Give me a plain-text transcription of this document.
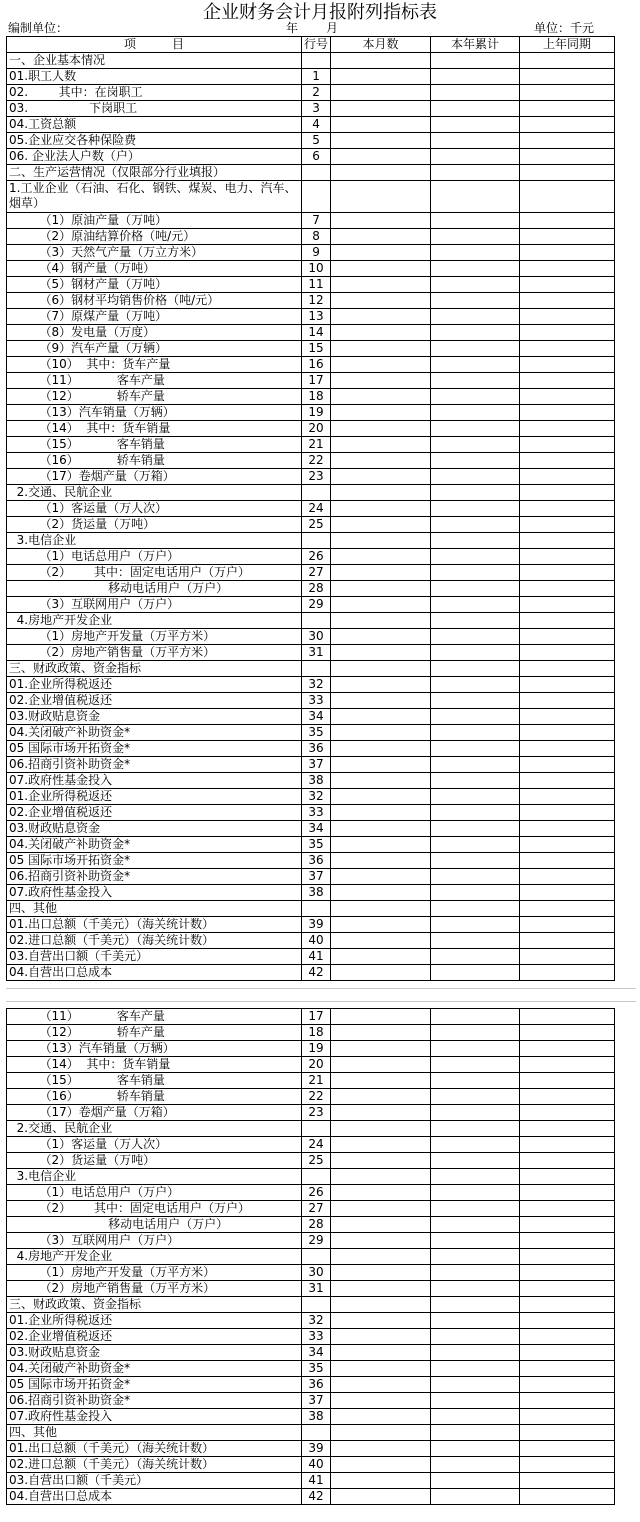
企业财务会计月报附列指标表
编制单位：	年 月	单位：千元
项　　　目	行号	本月数	本年累计	上年同期
一、企业基本情况				
01.职工人数	1			
02.        其中：在岗职工	2			
03.                下岗职工	3			
04.工资总额	4			
05.企业应交各种保险费	5			
06. 企业法人户数（户）	6			
二、生产运营情况（仅限部分行业填报）				
1.工业企业（石油、石化、钢铁、煤炭、电力、汽车、烟草）				
（1）原油产量（万吨）	7			
（2）原油结算价格（吨/元）	8			
（3）天然气产量（万立方米）	9			
（4）钢产量（万吨）	10			
（5）钢材产量（万吨）	11			
（6）钢材平均销售价格（吨/元）	12			
（7）原煤产量（万吨）	13			
（8）发电量（万度）	14			
（9）汽车产量（万辆）	15			
（10）  其中：货车产量	16			
（11）          客车产量	17			
（12）          轿车产量	18			
（13）汽车销量（万辆）	19			
（14）  其中：货车销量	20			
（15）          客车销量	21			
（16）          轿车销量	22			
（17）卷烟产量（万箱）	23			
2.交通、民航企业				
（1）客运量（万人次）	24			
（2）货运量（万吨）	25			
3.电信企业				
（1）电话总用户（万户）	26			
（2）      其中：固定电话用户（万户）	27			
移动电话用户（万户）	28			
（3）互联网用户（万户）	29			
4.房地产开发企业				
（1）房地产开发量（万平方米）	30			
（2）房地产销售量（万平方米）	31			
三、财政政策、资金指标				
01.企业所得税返还	32			
02.企业增值税返还	33			
03.财政贴息资金	34			
04.关闭破产补助资金*	35			
05 国际市场开拓资金*	36			
06.招商引资补助资金*	37			
07.政府性基金投入	38			
01.企业所得税返还	32			
02.企业增值税返还	33			
03.财政贴息资金	34			
04.关闭破产补助资金*	35			
05 国际市场开拓资金*	36			
06.招商引资补助资金*	37			
07.政府性基金投入	38			
四、其他				
01.出口总额（千美元）（海关统计数）	39			
02.进口总额（千美元）（海关统计数）	40			
03.自营出口额（千美元）	41			
04.自营出口总成本	42			
（11）          客车产量	17			
（12）          轿车产量	18			
（13）汽车销量（万辆）	19			
（14）  其中：货车销量	20			
（15）          客车销量	21			
（16）          轿车销量	22			
（17）卷烟产量（万箱）	23			
2.交通、民航企业				
（1）客运量（万人次）	24			
（2）货运量（万吨）	25			
3.电信企业				
（1）电话总用户（万户）	26			
（2）      其中：固定电话用户（万户）	27			
移动电话用户（万户）	28			
（3）互联网用户（万户）	29			
4.房地产开发企业				
（1）房地产开发量（万平方米）	30			
（2）房地产销售量（万平方米）	31			
三、财政政策、资金指标				
01.企业所得税返还	32			
02.企业增值税返还	33			
03.财政贴息资金	34			
04.关闭破产补助资金*	35			
05 国际市场开拓资金*	36			
06.招商引资补助资金*	37			
07.政府性基金投入	38			
四、其他				
01.出口总额（千美元）（海关统计数）	39			
02.进口总额（千美元）（海关统计数）	40			
03.自营出口额（千美元）	41			
04.自营出口总成本	42			
